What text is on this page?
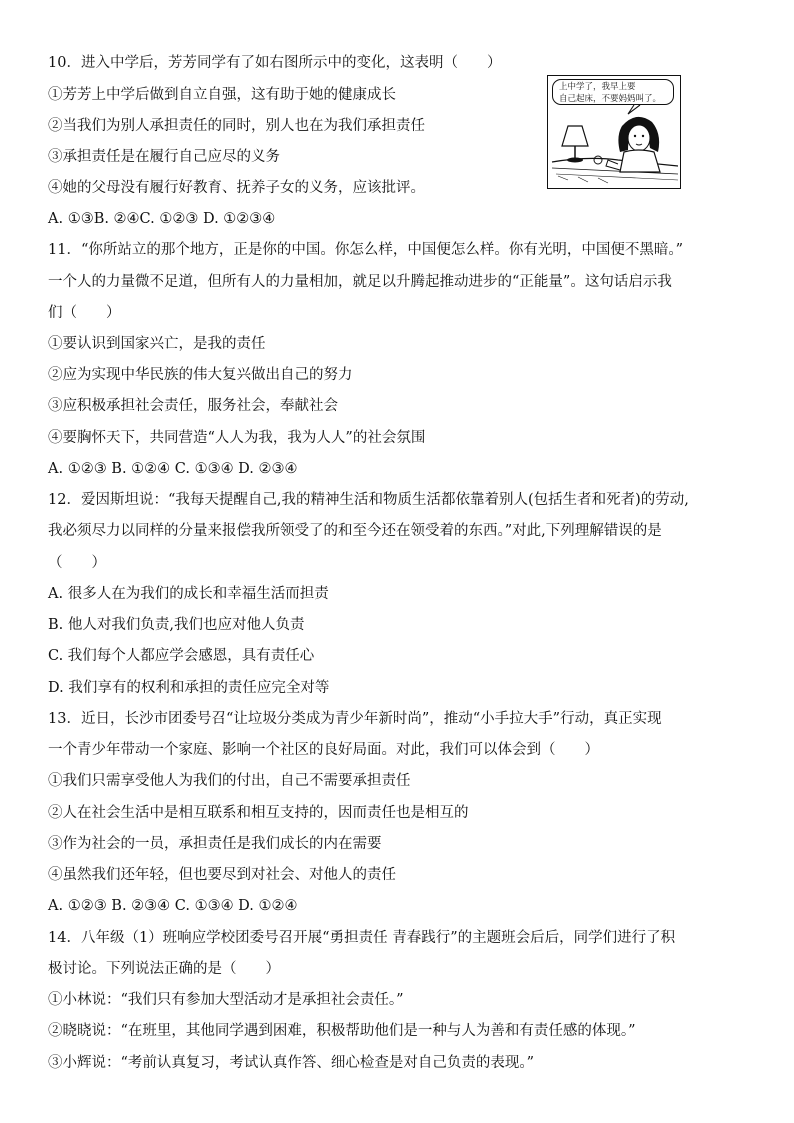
10．进入中学后，芳芳同学有了如右图所示中的变化，这表明（　　）
①芳芳上中学后做到自立自强，这有助于她的健康成长
②当我们为别人承担责任的同时，别人也在为我们承担责任
③承担责任是在履行自己应尽的义务
④她的父母没有履行好教育、抚养子女的义务，应该批评。
A. ①③B. ②④C. ①②③ D. ①②③④
上中学了，我早上要
自己起床，不要妈妈叫了。
11．“你所站立的那个地方，正是你的中国。你怎么样，中国便怎么样。你有光明，中国便不黑暗。”
一个人的力量微不足道，但所有人的力量相加，就足以升腾起推动进步的“正能量”。这句话启示我
们（　　）
①要认识到国家兴亡，是我的责任
②应为实现中华民族的伟大复兴做出自己的努力
③应积极承担社会责任，服务社会，奉献社会
④要胸怀天下，共同营造“人人为我，我为人人”的社会氛围
A. ①②③ B. ①②④ C. ①③④ D. ②③④
12．爱因斯坦说：“我每天提醒自己,我的精神生活和物质生活都依靠着别人(包括生者和死者)的劳动,
我必须尽力以同样的分量来报偿我所领受了的和至今还在领受着的东西。”对此,下列理解错误的是
（　　）
A. 很多人在为我们的成长和幸福生活而担责
B. 他人对我们负责,我们也应对他人负责
C. 我们每个人都应学会感恩，具有责任心
D. 我们享有的权利和承担的责任应完全对等
13．近日，长沙市团委号召“让垃圾分类成为青少年新时尚”，推动“小手拉大手”行动，真正实现
一个青少年带动一个家庭、影响一个社区的良好局面。对此，我们可以体会到（　　）
①我们只需享受他人为我们的付出，自己不需要承担责任
②人在社会生活中是相互联系和相互支持的，因而责任也是相互的
③作为社会的一员，承担责任是我们成长的内在需要
④虽然我们还年轻，但也要尽到对社会、对他人的责任
A. ①②③ B. ②③④ C. ①③④ D. ①②④
14．八年级（1）班响应学校团委号召开展“勇担责任 青春践行”的主题班会后后，同学们进行了积
极讨论。下列说法正确的是（　　）
①小林说：“我们只有参加大型活动才是承担社会责任。”
②晓晓说：“在班里，其他同学遇到困难，积极帮助他们是一种与人为善和有责任感的体现。”
③小辉说：“考前认真复习，考试认真作答、细心检查是对自己负责的表现。”
